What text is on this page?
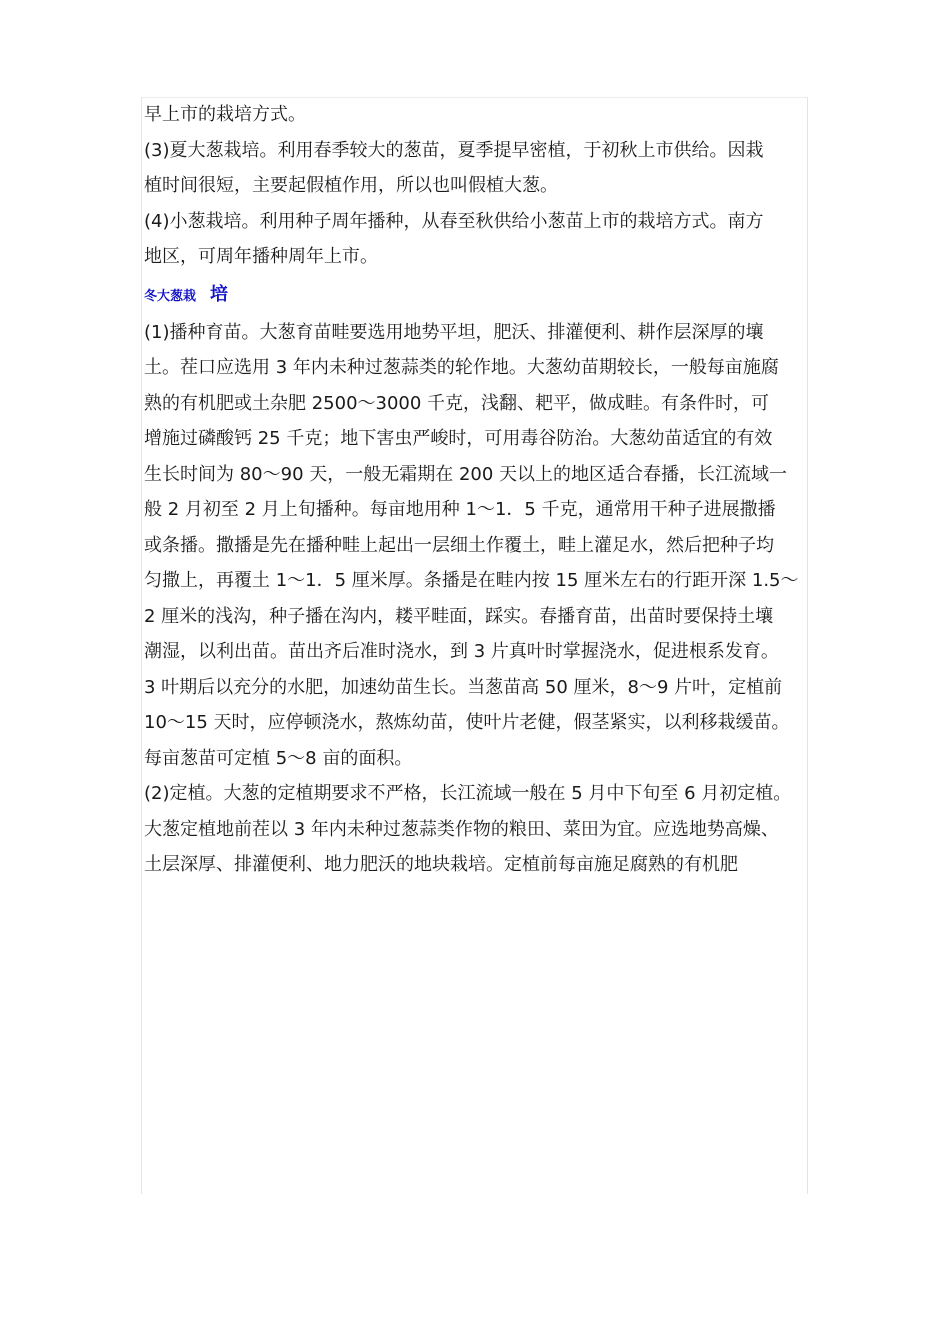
早上市的栽培方式。

(3)夏大葱栽培。利用春季较大的葱苗，夏季提早密植，于初秋上市供给。因栽

植时间很短，主要起假植作用，所以也叫假植大葱。

(4)小葱栽培。利用种子周年播种，从春至秋供给小葱苗上市的栽培方式。南方

地区，可周年播种周年上市。

冬大葱栽 培

(1)播种育苗。大葱育苗畦要选用地势平坦，肥沃、排灌便利、耕作层深厚的壤

土。茬口应选用 3 年内未种过葱蒜类的轮作地。大葱幼苗期较长，一般每亩施腐

熟的有机肥或土杂肥 2500～3000 千克，浅翻、耙平，做成畦。有条件时，可

增施过磷酸钙 25 千克；地下害虫严峻时，可用毒谷防治。大葱幼苗适宜的有效

生长时间为 80～90 天，一般无霜期在 200 天以上的地区适合春播，长江流域一

般 2 月初至 2 月上旬播种。每亩地用种 1～1．5 千克，通常用干种子进展撒播

或条播。撒播是先在播种畦上起出一层细土作覆土，畦上灌足水，然后把种子均

匀撒上，再覆土 1～1．5 厘米厚。条播是在畦内按 15 厘米左右的行距开深 1.5～

2 厘米的浅沟，种子播在沟内，耧平畦面，踩实。春播育苗，出苗时要保持土壤

潮湿，以利出苗。苗出齐后准时浇水，到 3 片真叶时掌握浇水，促进根系发育。

3 叶期后以充分的水肥，加速幼苗生长。当葱苗高 50 厘米，8～9 片叶，定植前

10～15 天时，应停顿浇水，熬炼幼苗，使叶片老健，假茎紧实，以利移栽缓苗。

每亩葱苗可定植 5～8 亩的面积。

(2)定植。大葱的定植期要求不严格，长江流域一般在 5 月中下旬至 6 月初定植。

大葱定植地前茬以 3 年内未种过葱蒜类作物的粮田、菜田为宜。应选地势高燥、

土层深厚、排灌便利、地力肥沃的地块栽培。定植前每亩施足腐熟的有机肥
